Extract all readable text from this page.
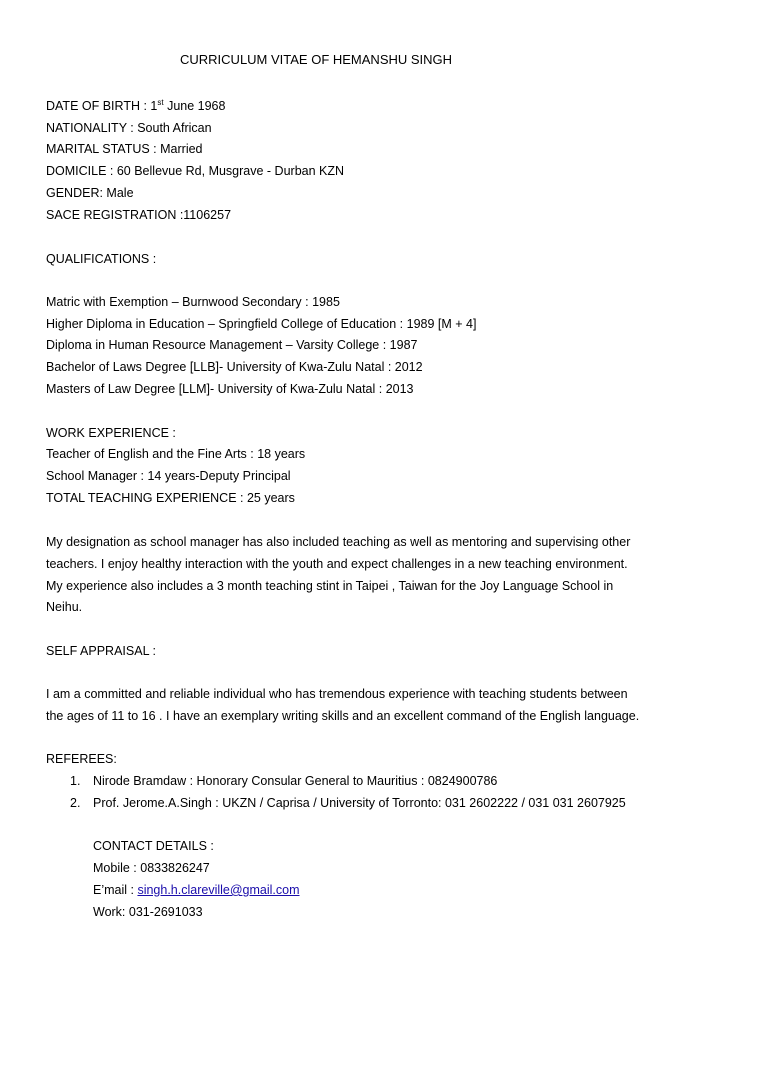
CURRICULUM VITAE OF HEMANSHU SINGH
DATE OF BIRTH : 1st June 1968
NATIONALITY : South African
MARITAL STATUS : Married
DOMICILE : 60 Bellevue Rd, Musgrave - Durban KZN
GENDER: Male
SACE REGISTRATION :1106257
QUALIFICATIONS :
Matric with Exemption – Burnwood Secondary : 1985
Higher Diploma in Education – Springfield College of Education : 1989 [M + 4]
Diploma in Human Resource Management – Varsity College : 1987
Bachelor of Laws Degree [LLB]- University of Kwa-Zulu Natal : 2012
Masters of Law Degree [LLM]- University of Kwa-Zulu Natal : 2013
WORK EXPERIENCE :
Teacher of English and the Fine Arts : 18 years
School Manager : 14 years-Deputy Principal
TOTAL TEACHING EXPERIENCE : 25 years
My designation as school manager has also included teaching as well as mentoring and supervising other
teachers. I enjoy healthy interaction with the youth and expect challenges in a new teaching environment.
My experience also includes a 3 month teaching stint in Taipei , Taiwan for the Joy Language School in
Neihu.
SELF APPRAISAL :
I am a committed and reliable individual who has tremendous experience with teaching students between
the ages of 11 to 16 . I have an exemplary writing skills and an excellent command of the English language.
REFEREES:
1. Nirode Bramdaw : Honorary Consular General to Mauritius : 0824900786
2. Prof. Jerome.A.Singh : UKZN / Caprisa / University of Torronto: 031 2602222 / 031 031 2607925
CONTACT DETAILS :
Mobile : 0833826247
E’mail : singh.h.clareville@gmail.com
Work: 031-2691033
